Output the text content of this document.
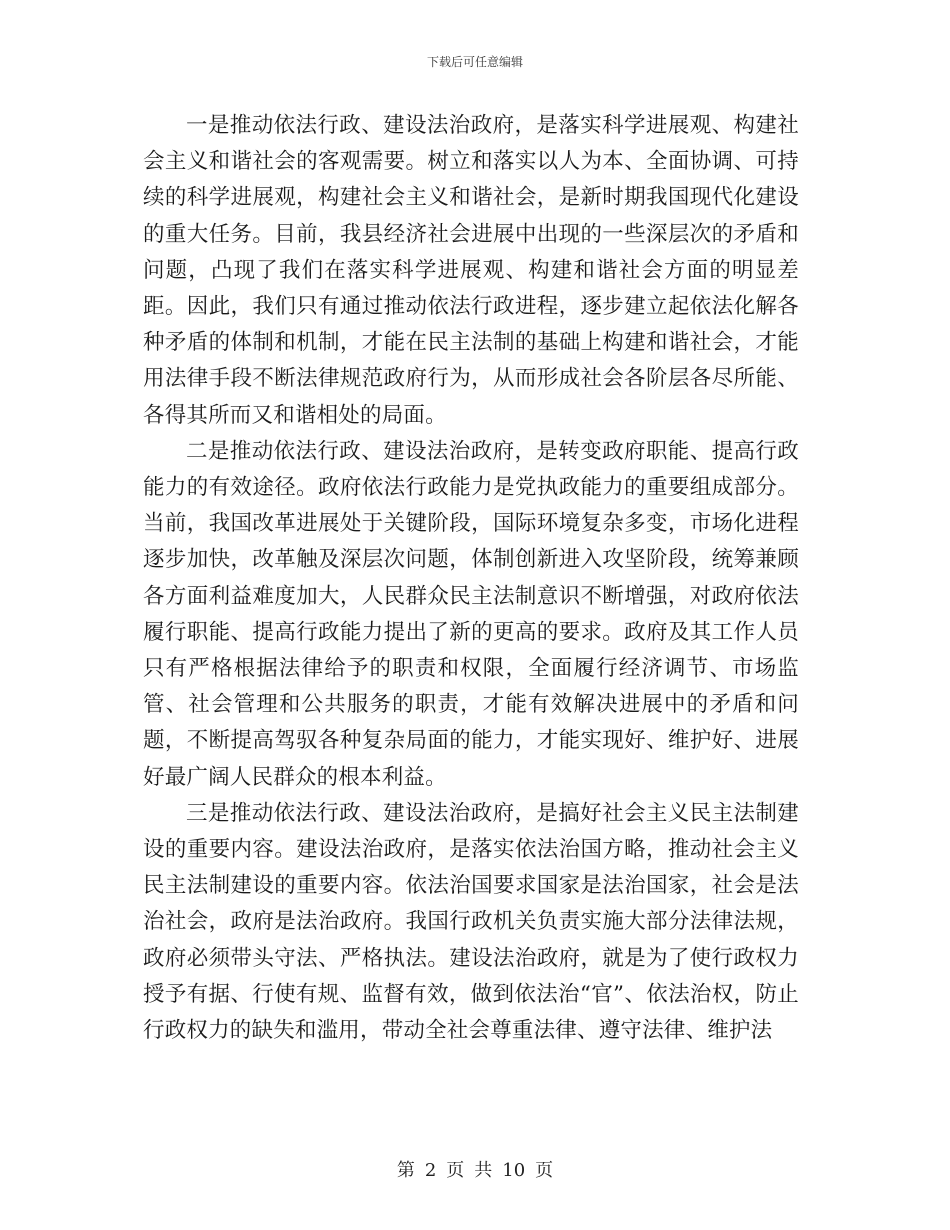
下载后可任意编辑

一是推动依法行政、建设法治政府，是落实科学进展观、构建社会主义和谐社会的客观需要。树立和落实以人为本、全面协调、可持续的科学进展观，构建社会主义和谐社会，是新时期我国现代化建设的重大任务。目前，我县经济社会进展中出现的一些深层次的矛盾和问题，凸现了我们在落实科学进展观、构建和谐社会方面的明显差距。因此，我们只有通过推动依法行政进程，逐步建立起依法化解各种矛盾的体制和机制，才能在民主法制的基础上构建和谐社会，才能用法律手段不断法律规范政府行为，从而形成社会各阶层各尽所能、各得其所而又和谐相处的局面。

二是推动依法行政、建设法治政府，是转变政府职能、提高行政能力的有效途径。政府依法行政能力是党执政能力的重要组成部分。当前，我国改革进展处于关键阶段，国际环境复杂多变，市场化进程逐步加快，改革触及深层次问题，体制创新进入攻坚阶段，统筹兼顾各方面利益难度加大，人民群众民主法制意识不断增强，对政府依法履行职能、提高行政能力提出了新的更高的要求。政府及其工作人员只有严格根据法律给予的职责和权限，全面履行经济调节、市场监管、社会管理和公共服务的职责，才能有效解决进展中的矛盾和问题，不断提高驾驭各种复杂局面的能力，才能实现好、维护好、进展好最广阔人民群众的根本利益。

三是推动依法行政、建设法治政府，是搞好社会主义民主法制建设的重要内容。建设法治政府，是落实依法治国方略，推动社会主义民主法制建设的重要内容。依法治国要求国家是法治国家，社会是法治社会，政府是法治政府。我国行政机关负责实施大部分法律法规，政府必须带头守法、严格执法。建设法治政府，就是为了使行政权力授予有据、行使有规、监督有效，做到依法治“官”、依法治权，防止行政权力的缺失和滥用，带动全社会尊重法律、遵守法律、维护法

第 2 页 共 10 页
